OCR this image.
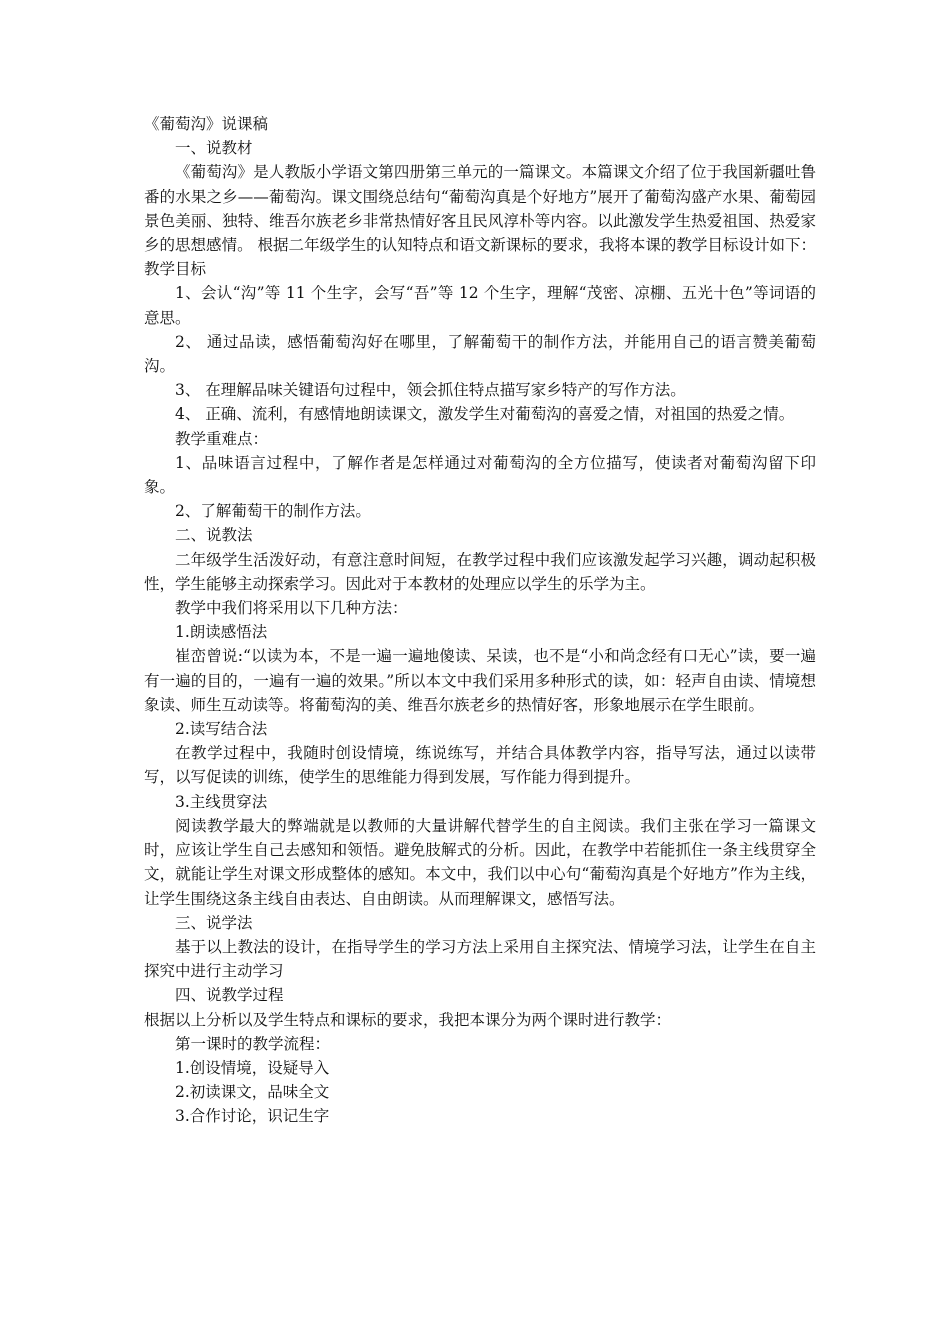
《葡萄沟》说课稿

一、说教材

《葡萄沟》是人教版小学语文第四册第三单元的一篇课文。本篇课文介绍了位于我国新疆吐鲁番的水果之乡——葡萄沟。课文围绕总结句“葡萄沟真是个好地方”展开了葡萄沟盛产水果、葡萄园景色美丽、独特、维吾尔族老乡非常热情好客且民风淳朴等内容。以此激发学生热爱祖国、热爱家乡的思想感情。 根据二年级学生的认知特点和语文新课标的要求，我将本课的教学目标设计如下： 教学目标

1、会认“沟”等 11 个生字，会写“吾”等 12 个生字，理解“茂密、凉棚、五光十色”等词语的意思。

2、 通过品读，感悟葡萄沟好在哪里，了解葡萄干的制作方法，并能用自己的语言赞美葡萄沟。

3、 在理解品味关键语句过程中，领会抓住特点描写家乡特产的写作方法。

4、 正确、流利，有感情地朗读课文，激发学生对葡萄沟的喜爱之情，对祖国的热爱之情。

教学重难点：

1、品味语言过程中，了解作者是怎样通过对葡萄沟的全方位描写，使读者对葡萄沟留下印象。

2、了解葡萄干的制作方法。

二、说教法

二年级学生活泼好动，有意注意时间短，在教学过程中我们应该激发起学习兴趣，调动起积极性，学生能够主动探索学习。因此对于本教材的处理应以学生的乐学为主。

教学中我们将采用以下几种方法：

1.朗读感悟法

崔峦曾说:“以读为本，不是一遍一遍地傻读、呆读，也不是“小和尚念经有口无心”读，要一遍有一遍的目的，一遍有一遍的效果。”所以本文中我们采用多种形式的读，如：轻声自由读、情境想象读、师生互动读等。将葡萄沟的美、维吾尔族老乡的热情好客，形象地展示在学生眼前。

2.读写结合法

在教学过程中，我随时创设情境，练说练写，并结合具体教学内容，指导写法，通过以读带写，以写促读的训练，使学生的思维能力得到发展，写作能力得到提升。

3.主线贯穿法

阅读教学最大的弊端就是以教师的大量讲解代替学生的自主阅读。我们主张在学习一篇课文时，应该让学生自己去感知和领悟。避免肢解式的分析。因此，在教学中若能抓住一条主线贯穿全文，就能让学生对课文形成整体的感知。本文中，我们以中心句“葡萄沟真是个好地方”作为主线，让学生围绕这条主线自由表达、自由朗读。从而理解课文，感悟写法。

三、说学法

基于以上教法的设计，在指导学生的学习方法上采用自主探究法、情境学习法，让学生在自主探究中进行主动学习

四、说教学过程

根据以上分析以及学生特点和课标的要求，我把本课分为两个课时进行教学：

第一课时的教学流程：

1.创设情境，设疑导入

2.初读课文，品味全文

3.合作讨论，识记生字
